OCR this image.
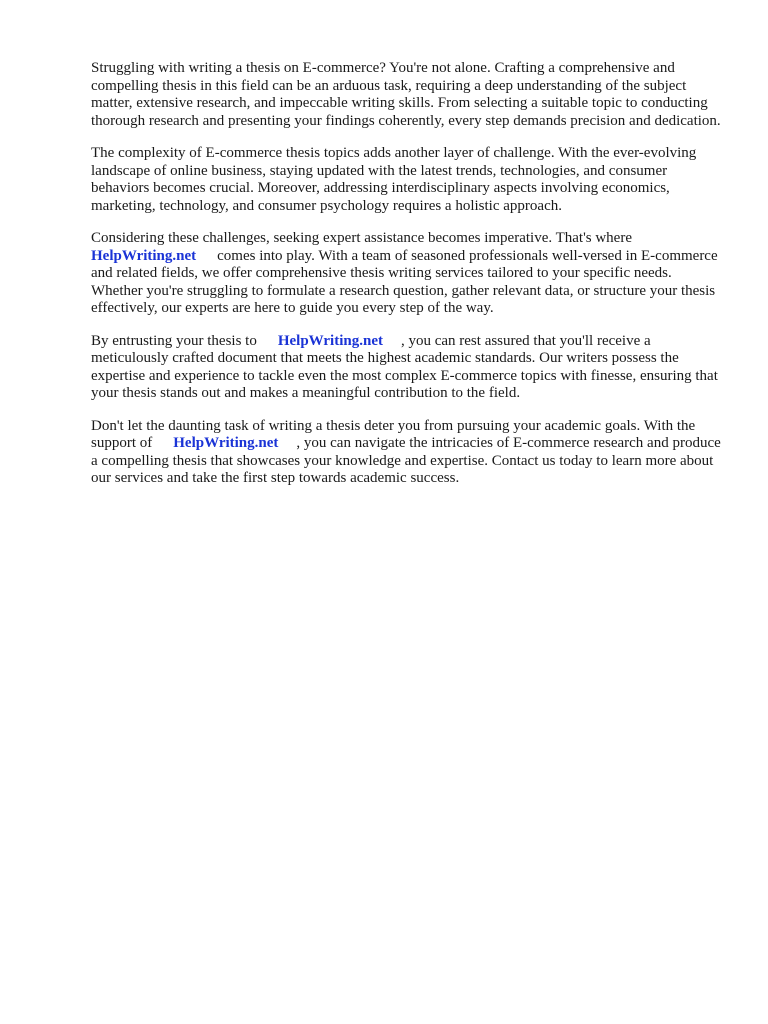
Struggling with writing a thesis on E-commerce? You're not alone. Crafting a comprehensive and compelling thesis in this field can be an arduous task, requiring a deep understanding of the subject matter, extensive research, and impeccable writing skills. From selecting a suitable topic to conducting thorough research and presenting your findings coherently, every step demands precision and dedication.

The complexity of E-commerce thesis topics adds another layer of challenge. With the ever-evolving landscape of online business, staying updated with the latest trends, technologies, and consumer behaviors becomes crucial. Moreover, addressing interdisciplinary aspects involving economics, marketing, technology, and consumer psychology requires a holistic approach.

Considering these challenges, seeking expert assistance becomes imperative. That's where
HelpWriting.net comes into play. With a team of seasoned professionals well-versed in E-commerce and related fields, we offer comprehensive thesis writing services tailored to your specific needs. Whether you're struggling to formulate a research question, gather relevant data, or structure your thesis effectively, our experts are here to guide you every step of the way.

By entrusting your thesis to HelpWriting.net , you can rest assured that you'll receive a meticulously crafted document that meets the highest academic standards. Our writers possess the expertise and experience to tackle even the most complex E-commerce topics with finesse, ensuring that your thesis stands out and makes a meaningful contribution to the field.

Don't let the daunting task of writing a thesis deter you from pursuing your academic goals. With the support of HelpWriting.net , you can navigate the intricacies of E-commerce research and produce a compelling thesis that showcases your knowledge and expertise. Contact us today to learn more about our services and take the first step towards academic success.
